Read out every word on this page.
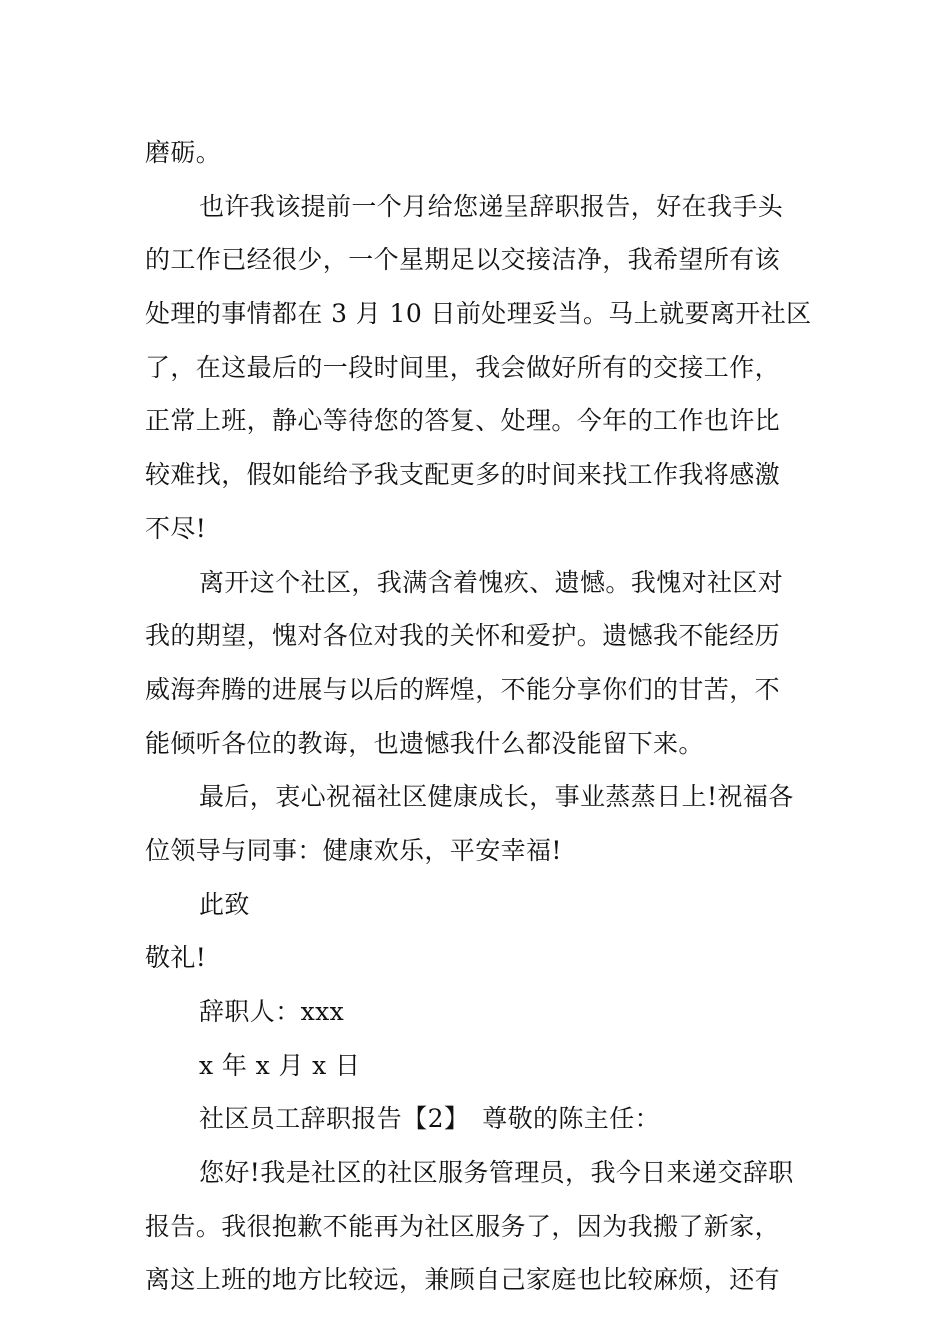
磨砺。
也许我该提前一个月给您递呈辞职报告，好在我手头
的工作已经很少，一个星期足以交接洁净，我希望所有该
处理的事情都在 3 月 10 日前处理妥当。马上就要离开社区
了，在这最后的一段时间里，我会做好所有的交接工作，
正常上班，静心等待您的答复、处理。今年的工作也许比
较难找，假如能给予我支配更多的时间来找工作我将感激
不尽!
离开这个社区，我满含着愧疚、遗憾。我愧对社区对
我的期望，愧对各位对我的关怀和爱护。遗憾我不能经历
威海奔腾的进展与以后的辉煌，不能分享你们的甘苦，不
能倾听各位的教诲，也遗憾我什么都没能留下来。
最后，衷心祝福社区健康成长，事业蒸蒸日上!祝福各
位领导与同事：健康欢乐，平安幸福!
此致
敬礼!
辞职人：xxx
x 年 x 月 x 日
社区员工辞职报告【2】　尊敬的陈主任：
您好!我是社区的社区服务管理员，我今日来递交辞职
报告。我很抱歉不能再为社区服务了，因为我搬了新家，
离这上班的地方比较远，兼顾自己家庭也比较麻烦，还有
